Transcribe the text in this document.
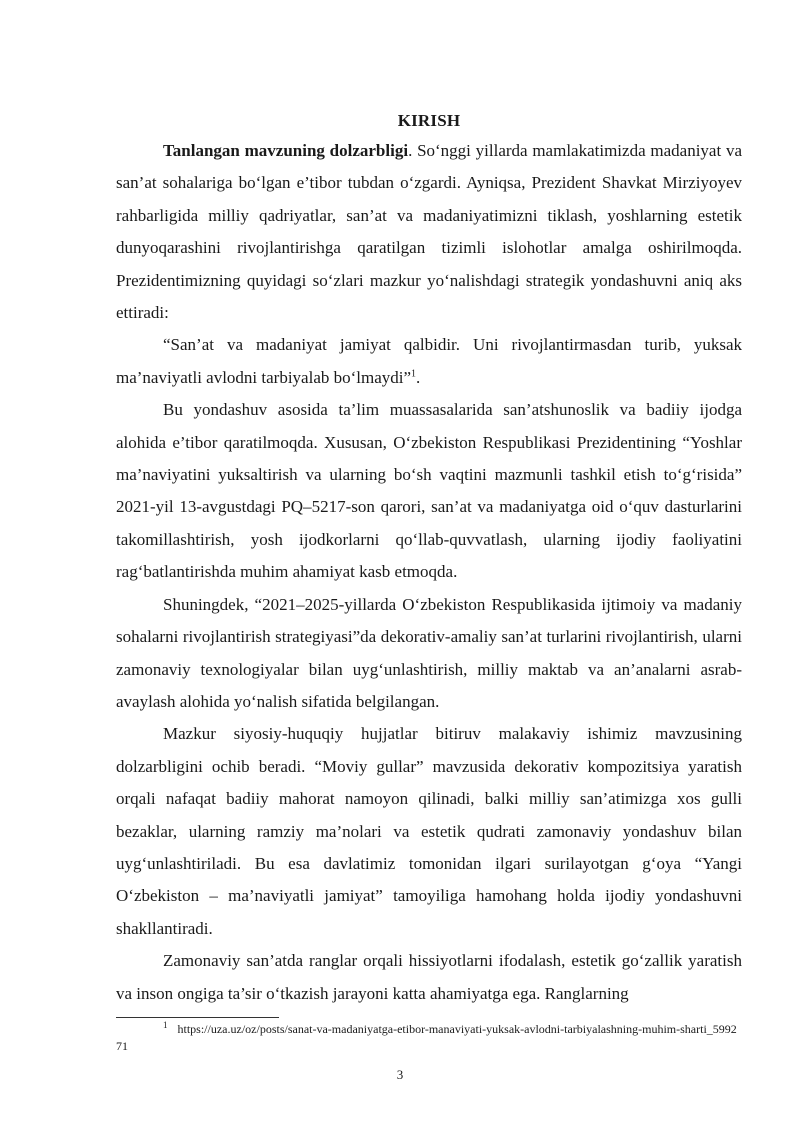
KIRISH

Tanlangan mavzuning dolzarbligi. So‘nggi yillarda mamlakatimizda madaniyat va san’at sohalariga bo‘lgan e’tibor tubdan o‘zgardi. Ayniqsa, Prezident Shavkat Mirziyoyev rahbarligida milliy qadriyatlar, san’at va madaniyatimizni tiklash, yoshlarning estetik dunyoqarashini rivojlantirishga qaratilgan tizimli islohotlar amalga oshirilmoqda. Prezidentimizning quyidagi so‘zlari mazkur yo‘nalishdagi strategik yondashuvni aniq aks ettiradi:

“San’at va madaniyat jamiyat qalbidir. Uni rivojlantirmasdan turib, yuksak ma’naviyatli avlodni tarbiyalab bo‘lmaydi”$^1$.

Bu yondashuv asosida ta’lim muassasalarida san’atshunoslik va badiiy ijodga alohida e’tibor qaratilmoqda. Xususan, O‘zbekiston Respublikasi Prezidentining “Yoshlar ma’naviyatini yuksaltirish va ularning bo‘sh vaqtini mazmunli tashkil etish to‘g‘risida” 2021-yil 13-avgustdagi PQ–5217-son qarori, san’at va madaniyatga oid o‘quv dasturlarini takomillashtirish, yosh ijodkorlarni qo‘llab-quvvatlash, ularning ijodiy faoliyatini rag‘batlantirishda muhim ahamiyat kasb etmoqda.

Shuningdek, “2021–2025-yillarda O‘zbekiston Respublikasida ijtimoiy va madaniy sohalarni rivojlantirish strategiyasi”da dekorativ-amaliy san’at turlarini rivojlantirish, ularni zamonaviy texnologiyalar bilan uyg‘unlashtirish, milliy maktab va an’analarni asrab-avaylash alohida yo‘nalish sifatida belgilangan.

Mazkur siyosiy-huquqiy hujjatlar bitiruv malakaviy ishimiz mavzusining dolzarbligini ochib beradi. “Moviy gullar” mavzusida dekorativ kompozitsiya yaratish orqali nafaqat badiiy mahorat namoyon qilinadi, balki milliy san’atimizga xos gulli bezaklar, ularning ramziy ma’nolari va estetik qudrati zamonaviy yondashuv bilan uyg‘unlashtiriladi. Bu esa davlatimiz tomonidan ilgari surilayotgan g‘oya “Yangi O‘zbekiston – ma’naviyatli jamiyat” tamoyiliga hamohang holda ijodiy yondashuvni shakllantiradi.

Zamonaviy san’atda ranglar orqali hissiyotlarni ifodalash, estetik go‘zallik yaratish va inson ongiga ta’sir o‘tkazish jarayoni katta ahamiyatga ega. Ranglarning

$^1$ https://uza.uz/oz/posts/sanat-va-madaniyatga-etibor-manaviyati-yuksak-avlodni-tarbiyalashning-muhim-sharti_599271
3
